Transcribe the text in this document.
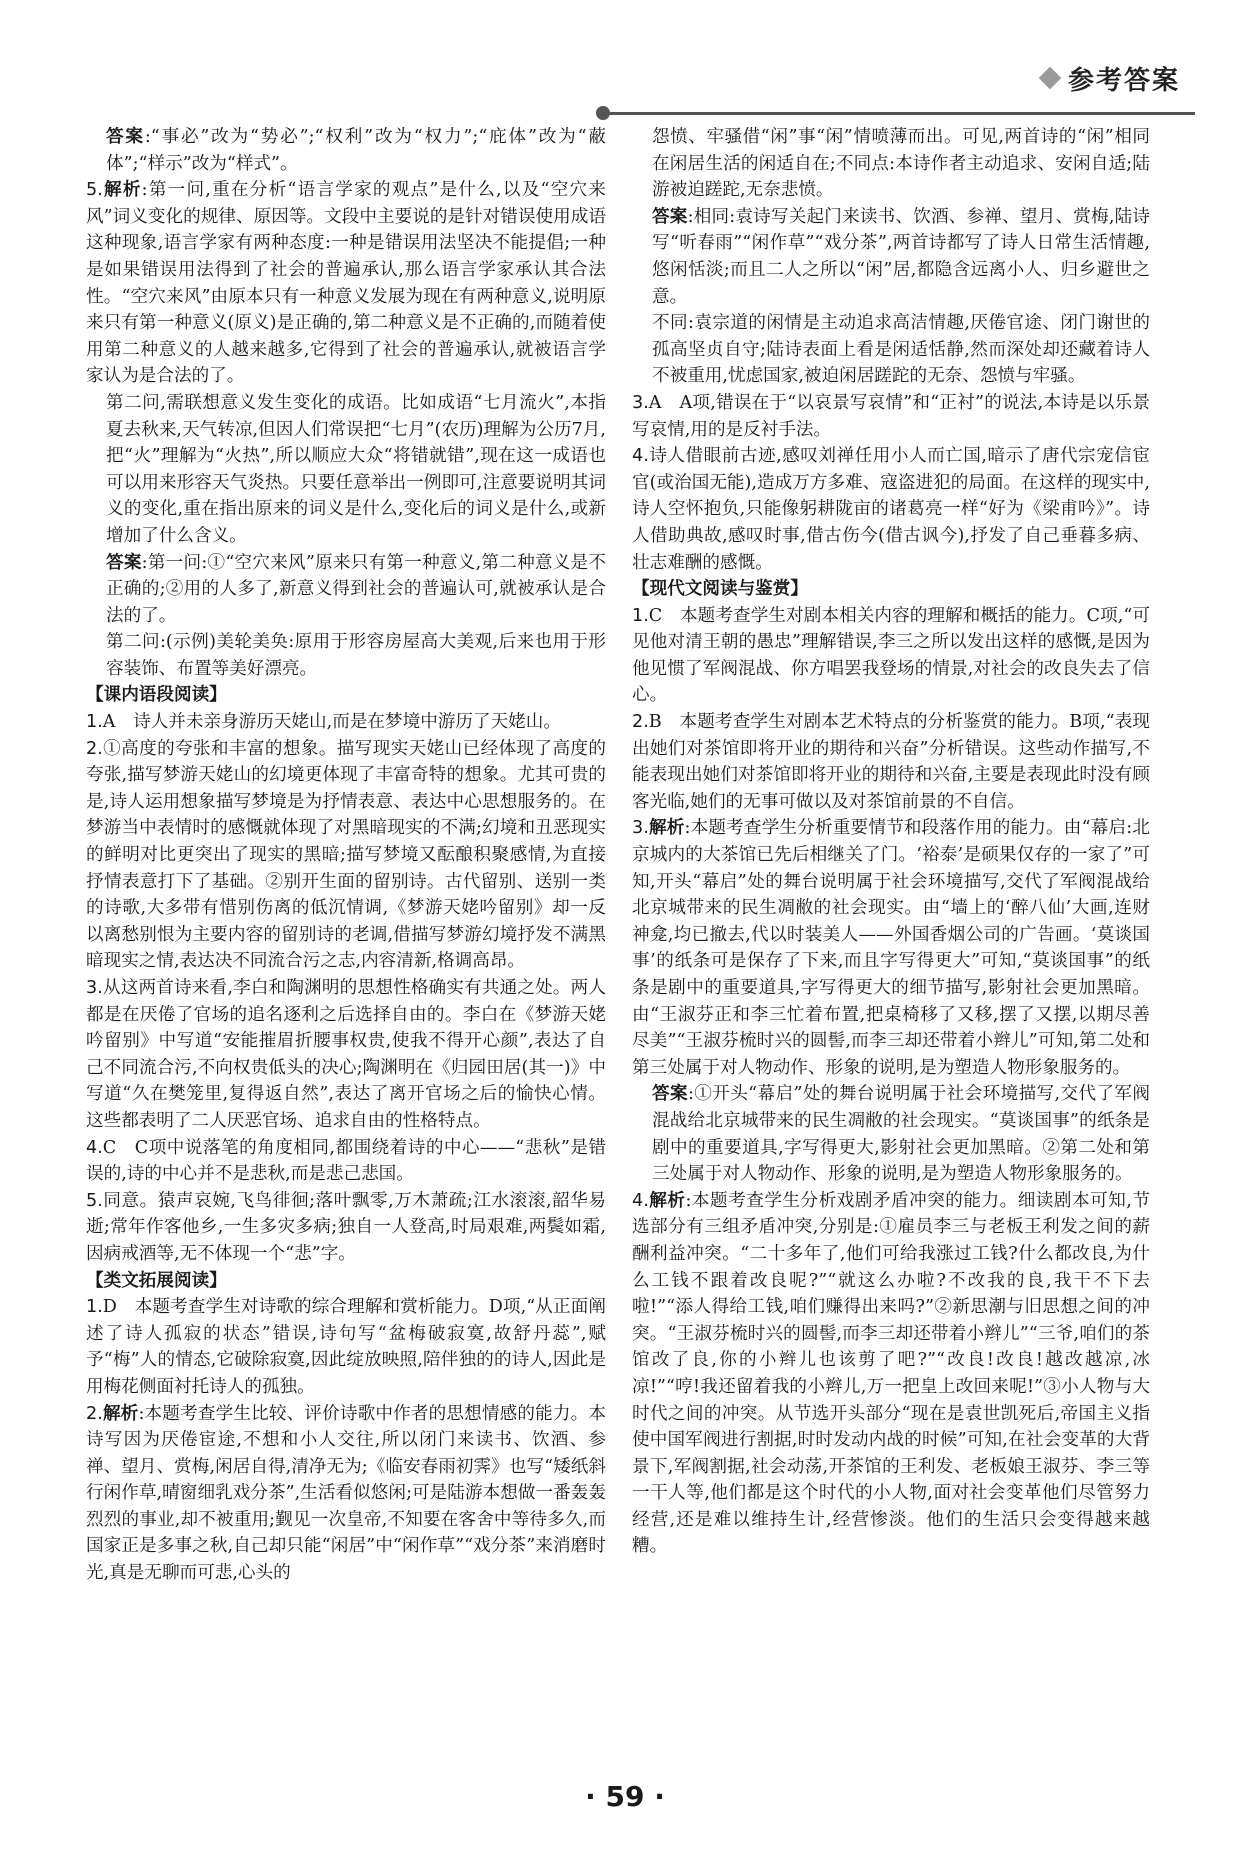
参考答案

答案:“事必”改为“势必”;“权利”改为“权力”;“庇体”改为“蔽体”;“样示”改为“样式”。

5.解析:第一问,重在分析“语言学家的观点”是什么,以及“空穴来风”词义变化的规律、原因等。文段中主要说的是针对错误使用成语这种现象,语言学家有两种态度:一种是错误用法坚决不能提倡;一种是如果错误用法得到了社会的普遍承认,那么语言学家承认其合法性。“空穴来风”由原本只有一种意义发展为现在有两种意义,说明原来只有第一种意义(原义)是正确的,第二种意义是不正确的,而随着使用第二种意义的人越来越多,它得到了社会的普遍承认,就被语言学家认为是合法的了。

第二问,需联想意义发生变化的成语。比如成语“七月流火”,本指夏去秋来,天气转凉,但因人们常误把“七月”(农历)理解为公历7月,把“火”理解为“火热”,所以顺应大众“将错就错”,现在这一成语也可以用来形容天气炎热。只要任意举出一例即可,注意要说明其词义的变化,重在指出原来的词义是什么,变化后的词义是什么,或新增加了什么含义。

答案:第一问:①“空穴来风”原来只有第一种意义,第二种意义是不正确的;②用的人多了,新意义得到社会的普遍认可,就被承认是合法的了。

第二问:(示例)美轮美奂:原用于形容房屋高大美观,后来也用于形容装饰、布置等美好漂亮。

【课内语段阅读】

1.A　诗人并未亲身游历天姥山,而是在梦境中游历了天姥山。

2.①高度的夸张和丰富的想象。描写现实天姥山已经体现了高度的夸张,描写梦游天姥山的幻境更体现了丰富奇特的想象。尤其可贵的是,诗人运用想象描写梦境是为抒情表意、表达中心思想服务的。在梦游当中表情时的感慨就体现了对黑暗现实的不满;幻境和丑恶现实的鲜明对比更突出了现实的黑暗;描写梦境又酝酿积聚感情,为直接抒情表意打下了基础。②别开生面的留别诗。古代留别、送别一类的诗歌,大多带有惜别伤离的低沉情调,《梦游天姥吟留别》却一反以离愁别恨为主要内容的留别诗的老调,借描写梦游幻境抒发不满黑暗现实之情,表达决不同流合污之志,内容清新,格调高昂。

3.从这两首诗来看,李白和陶渊明的思想性格确实有共通之处。两人都是在厌倦了官场的追名逐利之后选择自由的。李白在《梦游天姥吟留别》中写道“安能摧眉折腰事权贵,使我不得开心颜”,表达了自己不同流合污,不向权贵低头的决心;陶渊明在《归园田居(其一)》中写道“久在樊笼里,复得返自然”,表达了离开官场之后的愉快心情。这些都表明了二人厌恶官场、追求自由的性格特点。

4.C　C项中说落笔的角度相同,都围绕着诗的中心——“悲秋”是错误的,诗的中心并不是悲秋,而是悲己悲国。

5.同意。猿声哀婉,飞鸟徘徊;落叶飘零,万木萧疏;江水滚滚,韶华易逝;常年作客他乡,一生多灾多病;独自一人登高,时局艰难,两鬓如霜,因病戒酒等,无不体现一个“悲”字。

【类文拓展阅读】

1.D　本题考查学生对诗歌的综合理解和赏析能力。D项,“从正面阐述了诗人孤寂的状态”错误,诗句写“盆梅破寂寞,故舒丹蕊”,赋予“梅”人的情态,它破除寂寞,因此绽放映照,陪伴独的的诗人,因此是用梅花侧面衬托诗人的孤独。

2.解析:本题考查学生比较、评价诗歌中作者的思想情感的能力。本诗写因为厌倦宦途,不想和小人交往,所以闭门来读书、饮酒、参禅、望月、赏梅,闲居自得,清净无为;《临安春雨初霁》也写“矮纸斜行闲作草,晴窗细乳戏分茶”,生活看似悠闲;可是陆游本想做一番轰轰烈烈的事业,却不被重用;觐见一次皇帝,不知要在客舍中等待多久,而国家正是多事之秋,自己却只能“闲居”中“闲作草”“戏分茶”来消磨时光,真是无聊而可悲,心头的

怨愤、牢骚借“闲”事“闲”情喷薄而出。可见,两首诗的“闲”相同在闲居生活的闲适自在;不同点:本诗作者主动追求、安闲自适;陆游被迫蹉跎,无奈悲愤。

答案:相同:袁诗写关起门来读书、饮酒、参禅、望月、赏梅,陆诗写“听春雨”“闲作草”“戏分茶”,两首诗都写了诗人日常生活情趣,悠闲恬淡;而且二人之所以“闲”居,都隐含远离小人、归乡避世之意。

不同:袁宗道的闲情是主动追求高洁情趣,厌倦官途、闭门谢世的孤高坚贞自守;陆诗表面上看是闲适恬静,然而深处却还藏着诗人不被重用,忧虑国家,被迫闲居蹉跎的无奈、怨愤与牢骚。

3.A　A项,错误在于“以哀景写哀情”和“正衬”的说法,本诗是以乐景写哀情,用的是反衬手法。

4.诗人借眼前古迹,感叹刘禅任用小人而亡国,暗示了唐代宗宠信宦官(或治国无能),造成万方多难、寇盗进犯的局面。在这样的现实中,诗人空怀抱负,只能像躬耕陇亩的诸葛亮一样“好为《梁甫吟》”。诗人借助典故,感叹时事,借古伤今(借古讽今),抒发了自己垂暮多病、壮志难酬的感慨。

【现代文阅读与鉴赏】

1.C　本题考查学生对剧本相关内容的理解和概括的能力。C项,“可见他对清王朝的愚忠”理解错误,李三之所以发出这样的感慨,是因为他见惯了军阀混战、你方唱罢我登场的情景,对社会的改良失去了信心。

2.B　本题考查学生对剧本艺术特点的分析鉴赏的能力。B项,“表现出她们对茶馆即将开业的期待和兴奋”分析错误。这些动作描写,不能表现出她们对茶馆即将开业的期待和兴奋,主要是表现此时没有顾客光临,她们的无事可做以及对茶馆前景的不自信。

3.解析:本题考查学生分析重要情节和段落作用的能力。由“幕启:北京城内的大茶馆已先后相继关了门。‘裕泰’是硕果仅存的一家了”可知,开头“幕启”处的舞台说明属于社会环境描写,交代了军阀混战给北京城带来的民生凋敝的社会现实。由“墙上的‘醉八仙’大画,连财神龛,均已撤去,代以时装美人——外国香烟公司的广告画。‘莫谈国事’的纸条可是保存了下来,而且字写得更大”可知,“莫谈国事”的纸条是剧中的重要道具,字写得更大的细节描写,影射社会更加黑暗。由“王淑芬正和李三忙着布置,把桌椅移了又移,摆了又摆,以期尽善尽美”“王淑芬梳时兴的圆髻,而李三却还带着小辫儿”可知,第二处和第三处属于对人物动作、形象的说明,是为塑造人物形象服务的。

答案:①开头“幕启”处的舞台说明属于社会环境描写,交代了军阀混战给北京城带来的民生凋敝的社会现实。“莫谈国事”的纸条是剧中的重要道具,字写得更大,影射社会更加黑暗。②第二处和第三处属于对人物动作、形象的说明,是为塑造人物形象服务的。

4.解析:本题考查学生分析戏剧矛盾冲突的能力。细读剧本可知,节选部分有三组矛盾冲突,分别是:①雇员李三与老板王利发之间的薪酬利益冲突。“二十多年了,他们可给我涨过工钱?什么都改良,为什么工钱不跟着改良呢?”“就这么办啦?不改我的良,我干不下去啦!”“添人得给工钱,咱们赚得出来吗?”②新思潮与旧思想之间的冲突。“王淑芬梳时兴的圆髻,而李三却还带着小辫儿”“三爷,咱们的茶馆改了良,你的小辫儿也该剪了吧?”“改良!改良!越改越凉,冰凉!”“哼!我还留着我的小辫儿,万一把皇上改回来呢!”③小人物与大时代之间的冲突。从节选开头部分“现在是袁世凯死后,帝国主义指使中国军阀进行割据,时时发动内战的时候”可知,在社会变革的大背景下,军阀割据,社会动荡,开茶馆的王利发、老板娘王淑芬、李三等一干人等,他们都是这个时代的小人物,面对社会变革他们尽管努力经营,还是难以维持生计,经营惨淡。他们的生活只会变得越来越糟。

· 59 ·
